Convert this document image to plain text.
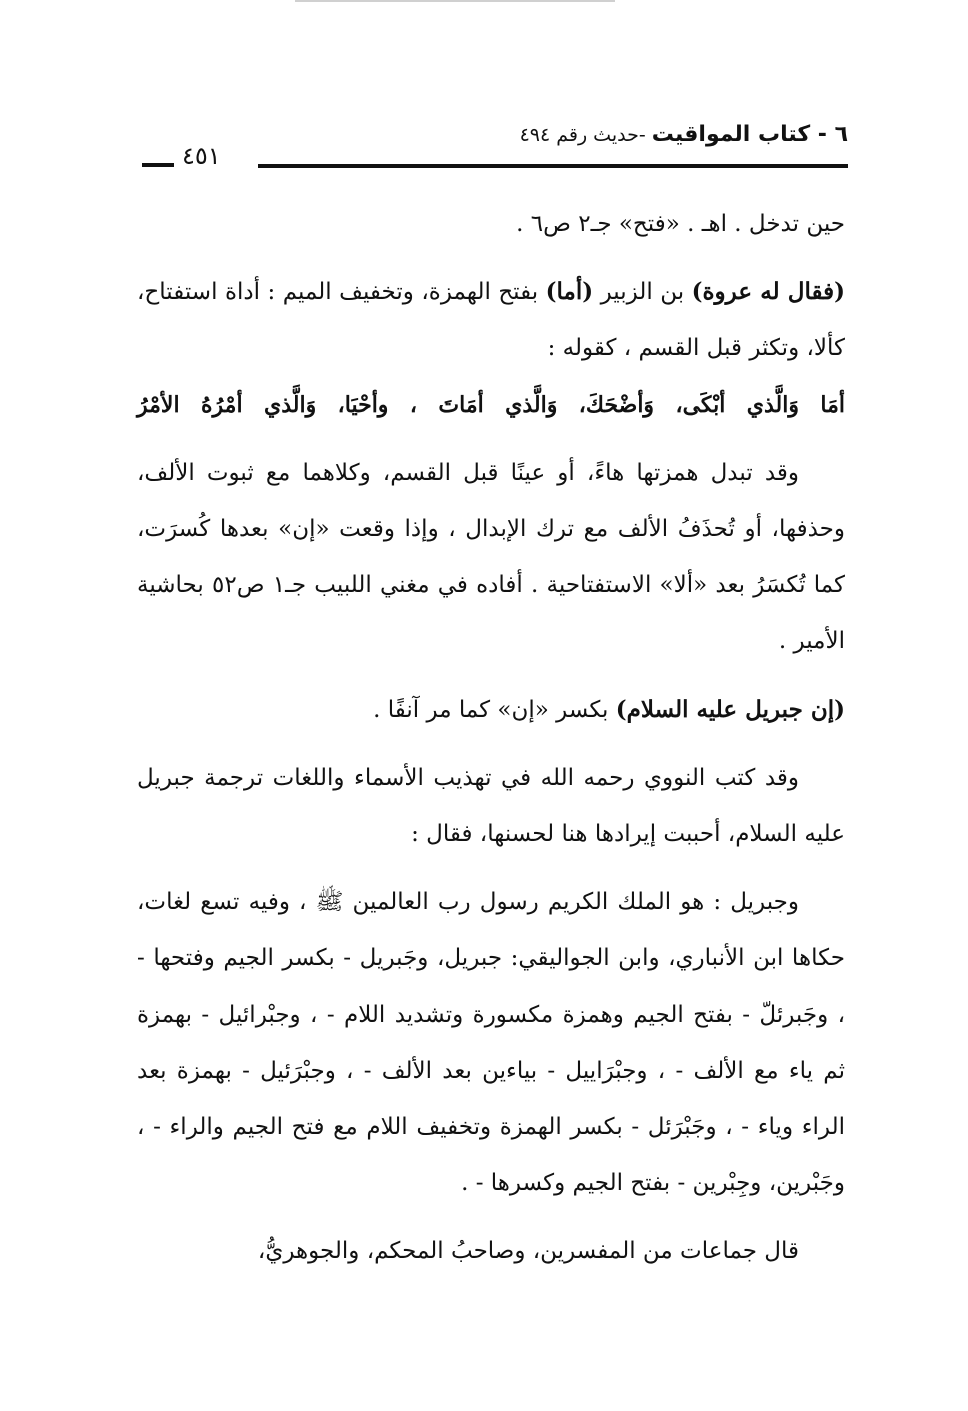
٦ - كتاب المواقيت -حديث رقم ٤٩٤
٤٥١

حين تدخل . اهـ . «فتح» جـ٢ ص٦ .

(فقال له عروة) بن الزبير (أما) بفتح الهمزة، وتخفيف الميم : أداة استفتاح، كألا، وتكثر قبل القسم ، كقوله :

أمَا وَالَّذي أبْكَى، وَأضْحَكَ، وَالَّذي أمَاتَ ، وأحْيَا، وَالَّذي أمْرُهُ الأمْرُ

وقد تبدل همزتها هاءً، أو عينًا قبل القسم، وكلاهما مع ثبوت الألف، وحذفها، أو تُحذَفُ الألف مع ترك الإبدال ، وإذا وقعت «إن» بعدها كُسرَت، كما تُكسَرُ بعد «ألا» الاستفتاحية . أفاده في مغني اللبيب جـ١ ص٥٢ بحاشية الأمير .

(إن جبريل عليه السلام) بكسر «إن» كما مر آنفًا .

وقد كتب النووي رحمه الله في تهذيب الأسماء واللغات ترجمة جبريل عليه السلام، أحببت إيرادها هنا لحسنها، فقال :

وجبريل : هو الملك الكريم رسول رب العالمين ﷺ ، وفيه تسع لغات، حكاها ابن الأنباري، وابن الجواليقي: جبريل، وجَبريل - بكسر الجيم وفتحها - ، وجَبرئلّ - بفتح الجيم وهمزة مكسورة وتشديد اللام - ، وجبْرائيل - بهمزة ثم ياء مع الألف - ، وجبْرَاييل - بياءين بعد الألف - ، وجبْرَئيل - بهمزة بعد الراء وياء - ، وجَبْرَئل - بكسر الهمزة وتخفيف اللام مع فتح الجيم والراء - ، وجَبْرين، وجِبْرين - بفتح الجيم وكسرها - .

قال جماعات من المفسرين، وصاحبُ المحكم، والجوهريُّ،
